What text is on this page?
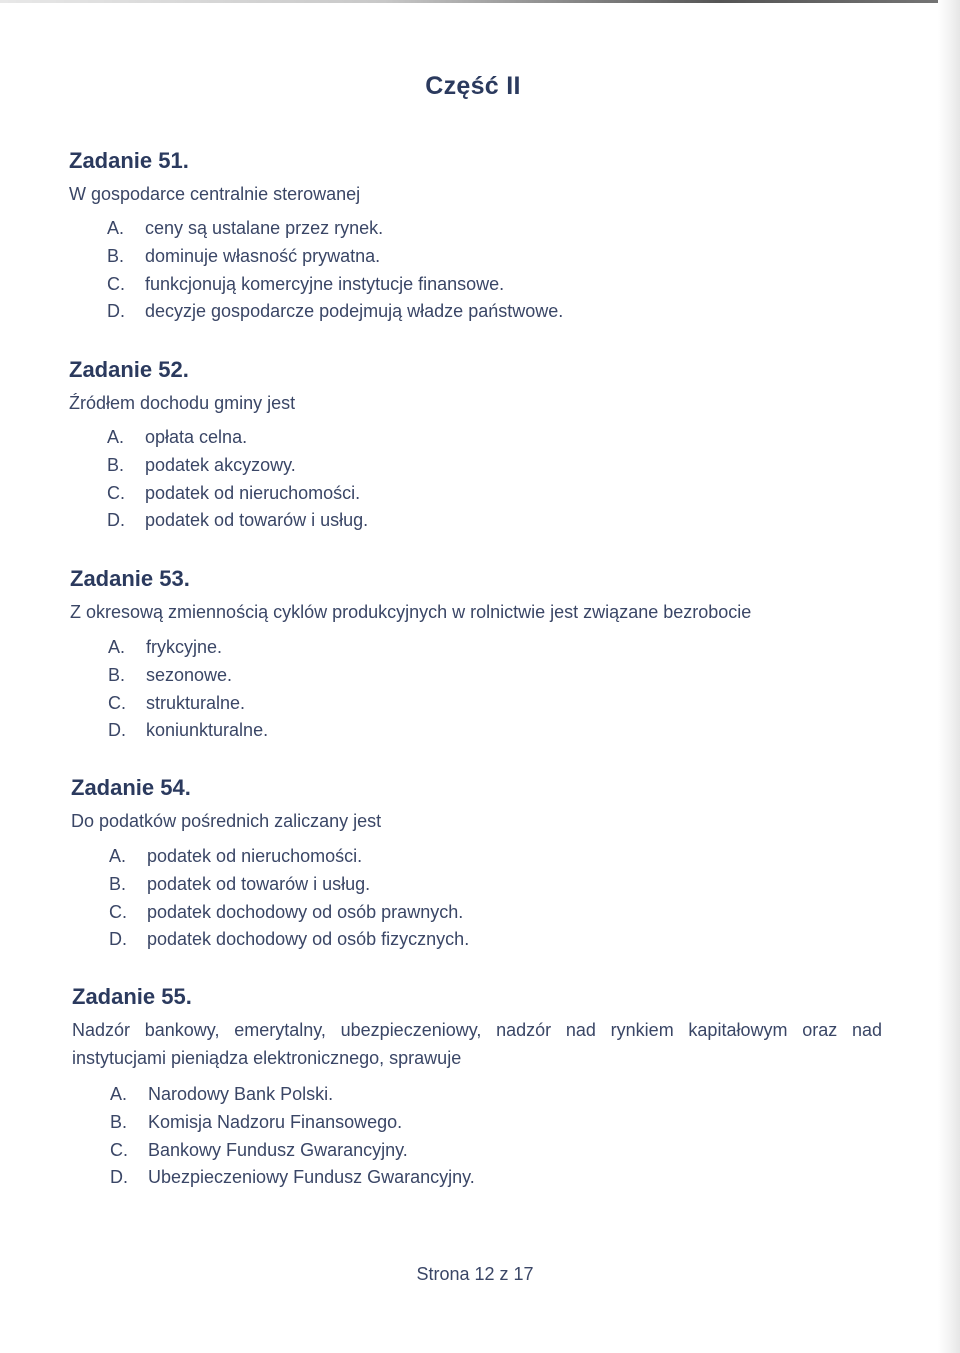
Część II

Zadanie 51.

W gospodarce centralnie sterowanej

A.	ceny są ustalane przez rynek.
B.	dominuje własność prywatna.
C.	funkcjonują komercyjne instytucje finansowe.
D.	decyzje gospodarcze podejmują władze państwowe.

Zadanie 52.

Źródłem dochodu gminy jest

A.	opłata celna.
B.	podatek akcyzowy.
C.	podatek od nieruchomości.
D.	podatek od towarów i usług.

Zadanie 53.

Z okresową zmiennością cyklów produkcyjnych w rolnictwie jest związane bezrobocie

A.	frykcyjne.
B.	sezonowe.
C.	strukturalne.
D.	koniunkturalne.

Zadanie 54.

Do podatków pośrednich zaliczany jest

A.	podatek od nieruchomości.
B.	podatek od towarów i usług.
C.	podatek dochodowy od osób prawnych.
D.	podatek dochodowy od osób fizycznych.

Zadanie 55.

Nadzór bankowy, emerytalny, ubezpieczeniowy, nadzór nad rynkiem kapitałowym oraz nad instytucjami pieniądza elektronicznego, sprawuje

A.	Narodowy Bank Polski.
B.	Komisja Nadzoru Finansowego.
C.	Bankowy Fundusz Gwarancyjny.
D.	Ubezpieczeniowy Fundusz Gwarancyjny.
Strona 12 z 17
